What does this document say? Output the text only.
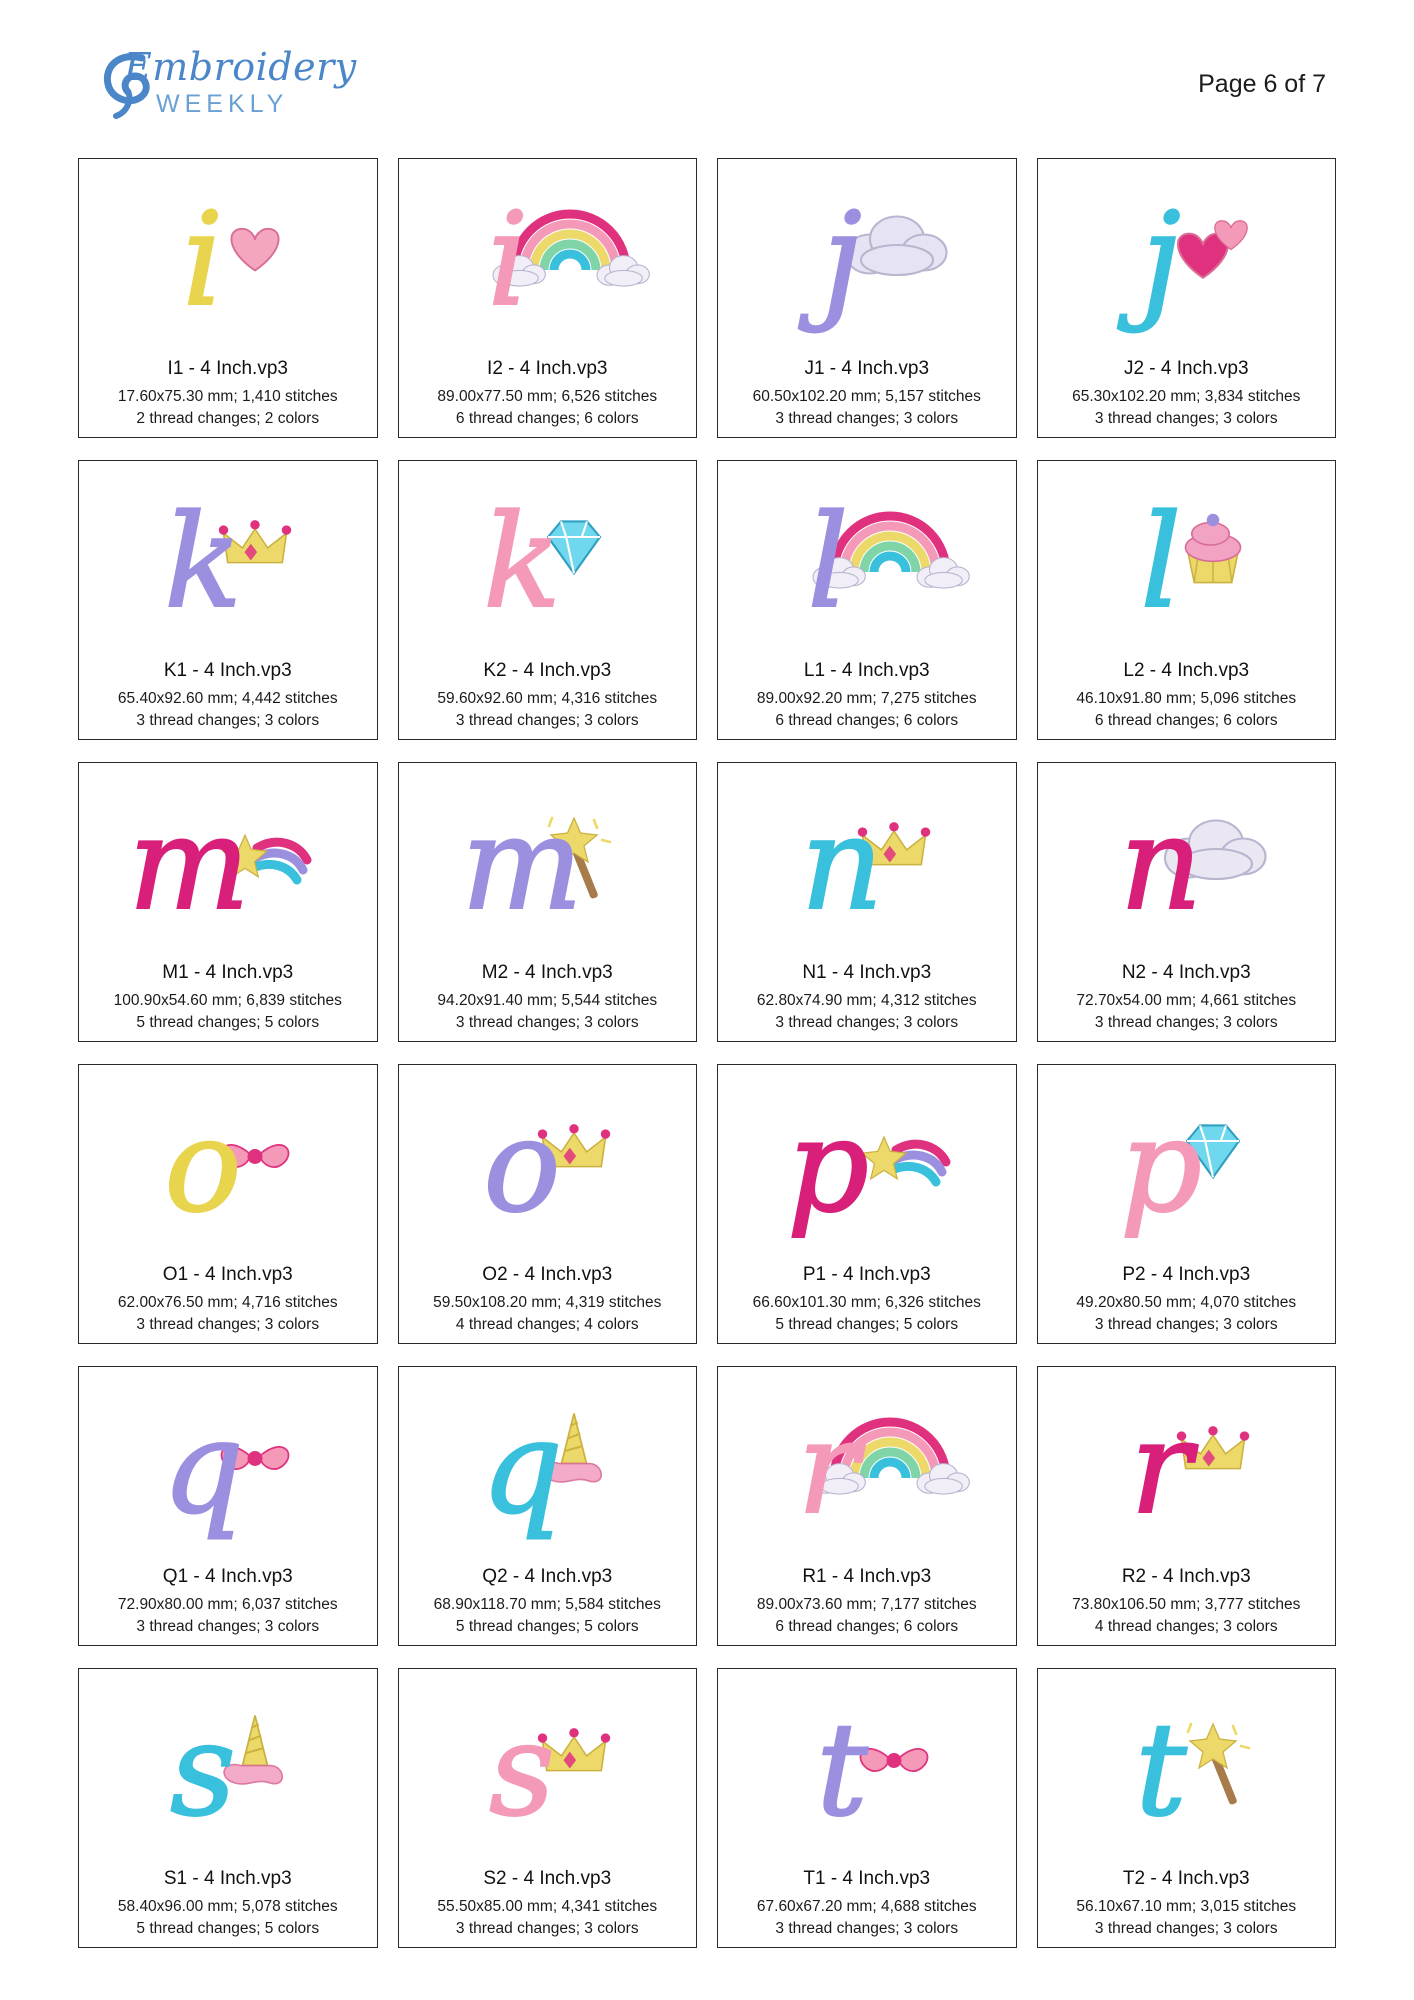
Embroidery
WEEKLY
Page 6 of 7
i
I1 - 4 Inch.vp3
17.60x75.30 mm; 1,410 stitches
2 thread changes; 2 colors
i
I2 - 4 Inch.vp3
89.00x77.50 mm; 6,526 stitches
6 thread changes; 6 colors
j
J1 - 4 Inch.vp3
60.50x102.20 mm; 5,157 stitches
3 thread changes; 3 colors
j
J2 - 4 Inch.vp3
65.30x102.20 mm; 3,834 stitches
3 thread changes; 3 colors
k
K1 - 4 Inch.vp3
65.40x92.60 mm; 4,442 stitches
3 thread changes; 3 colors
k
K2 - 4 Inch.vp3
59.60x92.60 mm; 4,316 stitches
3 thread changes; 3 colors
l
L1 - 4 Inch.vp3
89.00x92.20 mm; 7,275 stitches
6 thread changes; 6 colors
l
L2 - 4 Inch.vp3
46.10x91.80 mm; 5,096 stitches
6 thread changes; 6 colors
m
M1 - 4 Inch.vp3
100.90x54.60 mm; 6,839 stitches
5 thread changes; 5 colors
m
M2 - 4 Inch.vp3
94.20x91.40 mm; 5,544 stitches
3 thread changes; 3 colors
n
N1 - 4 Inch.vp3
62.80x74.90 mm; 4,312 stitches
3 thread changes; 3 colors
n
N2 - 4 Inch.vp3
72.70x54.00 mm; 4,661 stitches
3 thread changes; 3 colors
o
O1 - 4 Inch.vp3
62.00x76.50 mm; 4,716 stitches
3 thread changes; 3 colors
o
O2 - 4 Inch.vp3
59.50x108.20 mm; 4,319 stitches
4 thread changes; 4 colors
p
P1 - 4 Inch.vp3
66.60x101.30 mm; 6,326 stitches
5 thread changes; 5 colors
p
P2 - 4 Inch.vp3
49.20x80.50 mm; 4,070 stitches
3 thread changes; 3 colors
q
Q1 - 4 Inch.vp3
72.90x80.00 mm; 6,037 stitches
3 thread changes; 3 colors
q
Q2 - 4 Inch.vp3
68.90x118.70 mm; 5,584 stitches
5 thread changes; 5 colors
r
R1 - 4 Inch.vp3
89.00x73.60 mm; 7,177 stitches
6 thread changes; 6 colors
r
R2 - 4 Inch.vp3
73.80x106.50 mm; 3,777 stitches
4 thread changes; 3 colors
s
S1 - 4 Inch.vp3
58.40x96.00 mm; 5,078 stitches
5 thread changes; 5 colors
s
S2 - 4 Inch.vp3
55.50x85.00 mm; 4,341 stitches
3 thread changes; 3 colors
t
T1 - 4 Inch.vp3
67.60x67.20 mm; 4,688 stitches
3 thread changes; 3 colors
t
T2 - 4 Inch.vp3
56.10x67.10 mm; 3,015 stitches
3 thread changes; 3 colors
